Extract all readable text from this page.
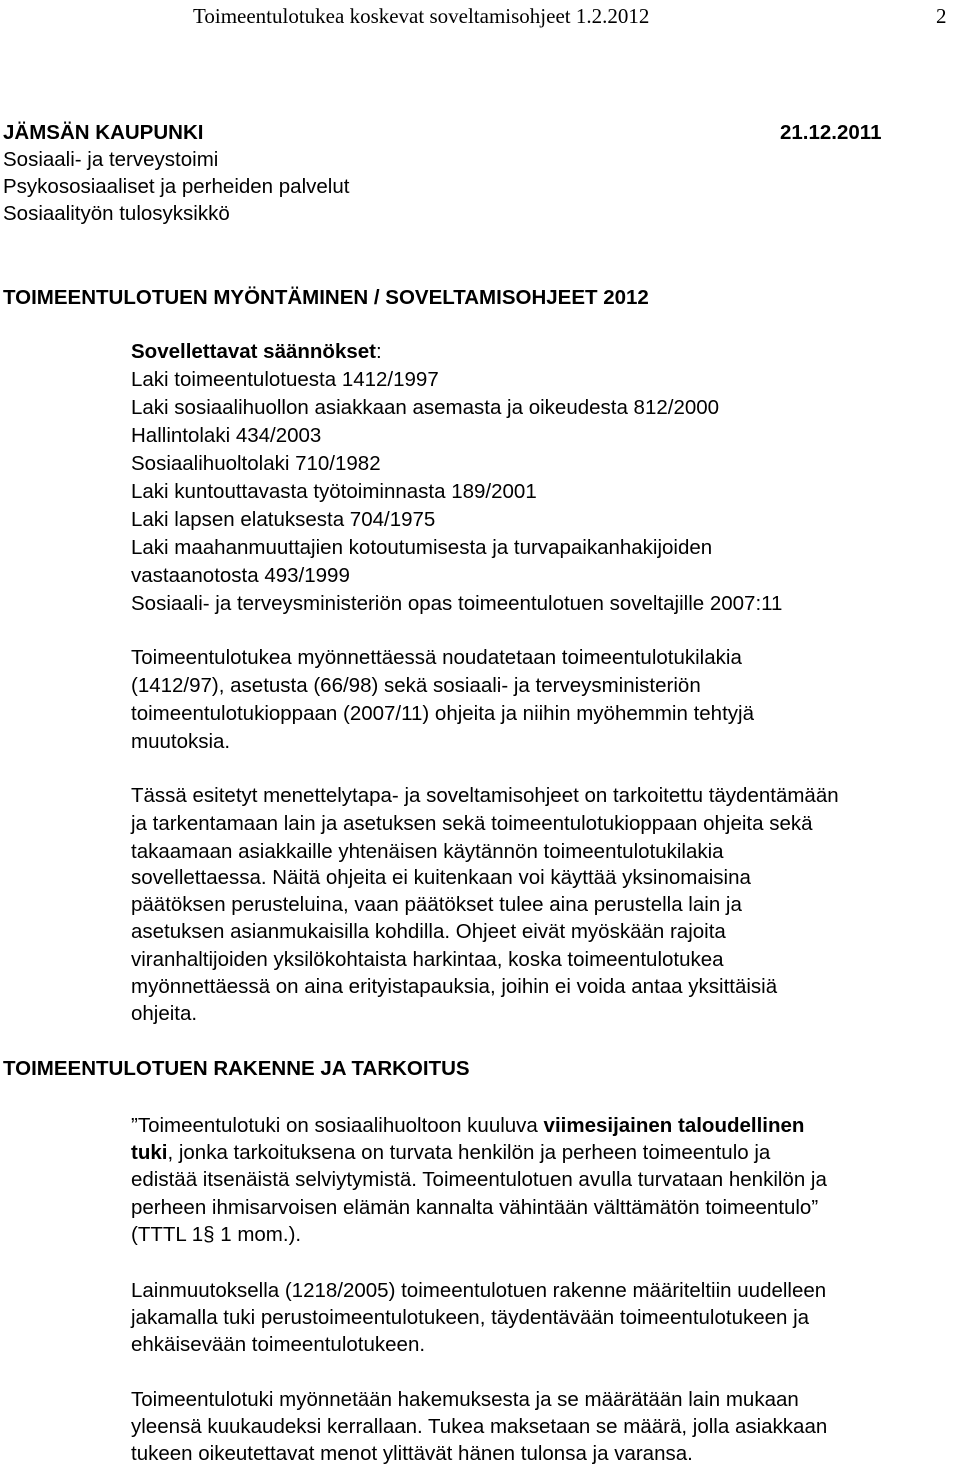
Toimeentulotukea koskevat soveltamisohjeet 1.2.2012	2
JÄMSÄN KAUPUNKI	21.12.2011
Sosiaali- ja terveystoimi
Psykososiaaliset ja perheiden palvelut
Sosiaalityön tulosyksikkö
TOIMEENTULOTUEN MYÖNTÄMINEN / SOVELTAMISOHJEET 2012
Sovellettavat säännökset:
Laki toimeentulotuesta 1412/1997
Laki sosiaalihuollon asiakkaan asemasta ja oikeudesta 812/2000
Hallintolaki 434/2003
Sosiaalihuoltolaki 710/1982
Laki kuntouttavasta työtoiminnasta 189/2001
Laki lapsen elatuksesta 704/1975
Laki maahanmuuttajien kotoutumisesta ja turvapaikanhakijoiden
vastaanotosta 493/1999
Sosiaali- ja terveysministeriön opas toimeentulotuen soveltajille 2007:11
Toimeentulotukea myönnettäessä noudatetaan toimeentulotukilakia
(1412/97), asetusta (66/98) sekä sosiaali- ja terveysministeriön
toimeentulotukioppaan (2007/11) ohjeita ja niihin myöhemmin tehtyjä
muutoksia.
Tässä esitetyt menettelytapa- ja soveltamisohjeet on tarkoitettu täydentämään
ja tarkentamaan lain ja asetuksen sekä toimeentulotukioppaan ohjeita sekä
takaamaan asiakkaille yhtenäisen käytännön toimeentulotukilakia
sovellettaessa. Näitä ohjeita ei kuitenkaan voi käyttää yksinomaisina
päätöksen perusteluina, vaan päätökset tulee aina perustella lain ja
asetuksen asianmukaisilla kohdilla. Ohjeet eivät myöskään rajoita
viranhaltijoiden yksilökohtaista harkintaa, koska toimeentulotukea
myönnettäessä on aina erityistapauksia, joihin ei voida antaa yksittäisiä
ohjeita.
TOIMEENTULOTUEN RAKENNE JA TARKOITUS
”Toimeentulotuki on sosiaalihuoltoon kuuluva viimesijainen taloudellinen
tuki, jonka tarkoituksena on turvata henkilön ja perheen toimeentulo ja
edistää itsenäistä selviytymistä. Toimeentulotuen avulla turvataan henkilön ja
perheen ihmisarvoisen elämän kannalta vähintään välttämätön toimeentulo”
(TTTL 1§ 1 mom.).
Lainmuutoksella (1218/2005) toimeentulotuen rakenne määriteltiin uudelleen
jakamalla tuki perustoimeentulotukeen, täydentävään toimeentulotukeen ja
ehkäisevään toimeentulotukeen.
Toimeentulotuki myönnetään hakemuksesta ja se määrätään lain mukaan
yleensä kuukaudeksi kerrallaan. Tukea maksetaan se määrä, jolla asiakkaan
tukeen oikeutettavat menot ylittävät hänen tulonsa ja varansa.
